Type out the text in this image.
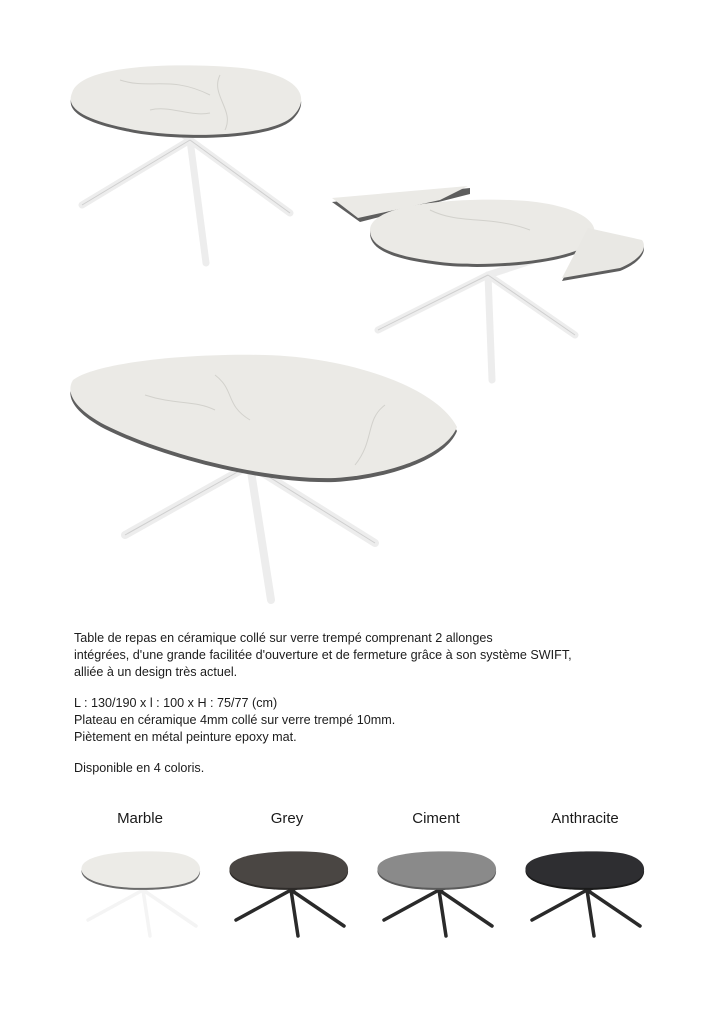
Table de repas en céramique collé sur verre trempé comprenant 2 allonges

intégrées, d'une grande facilitée d'ouverture et de fermeture grâce à son système SWIFT,

alliée à un design très actuel.

L : 130/190 x l : 100 x H : 75/77 (cm)

Plateau en céramique 4mm collé sur verre trempé 10mm.

Piètement en métal peinture epoxy mat.

Disponible en 4 coloris.

Marble	Grey	Ciment	Anthracite
